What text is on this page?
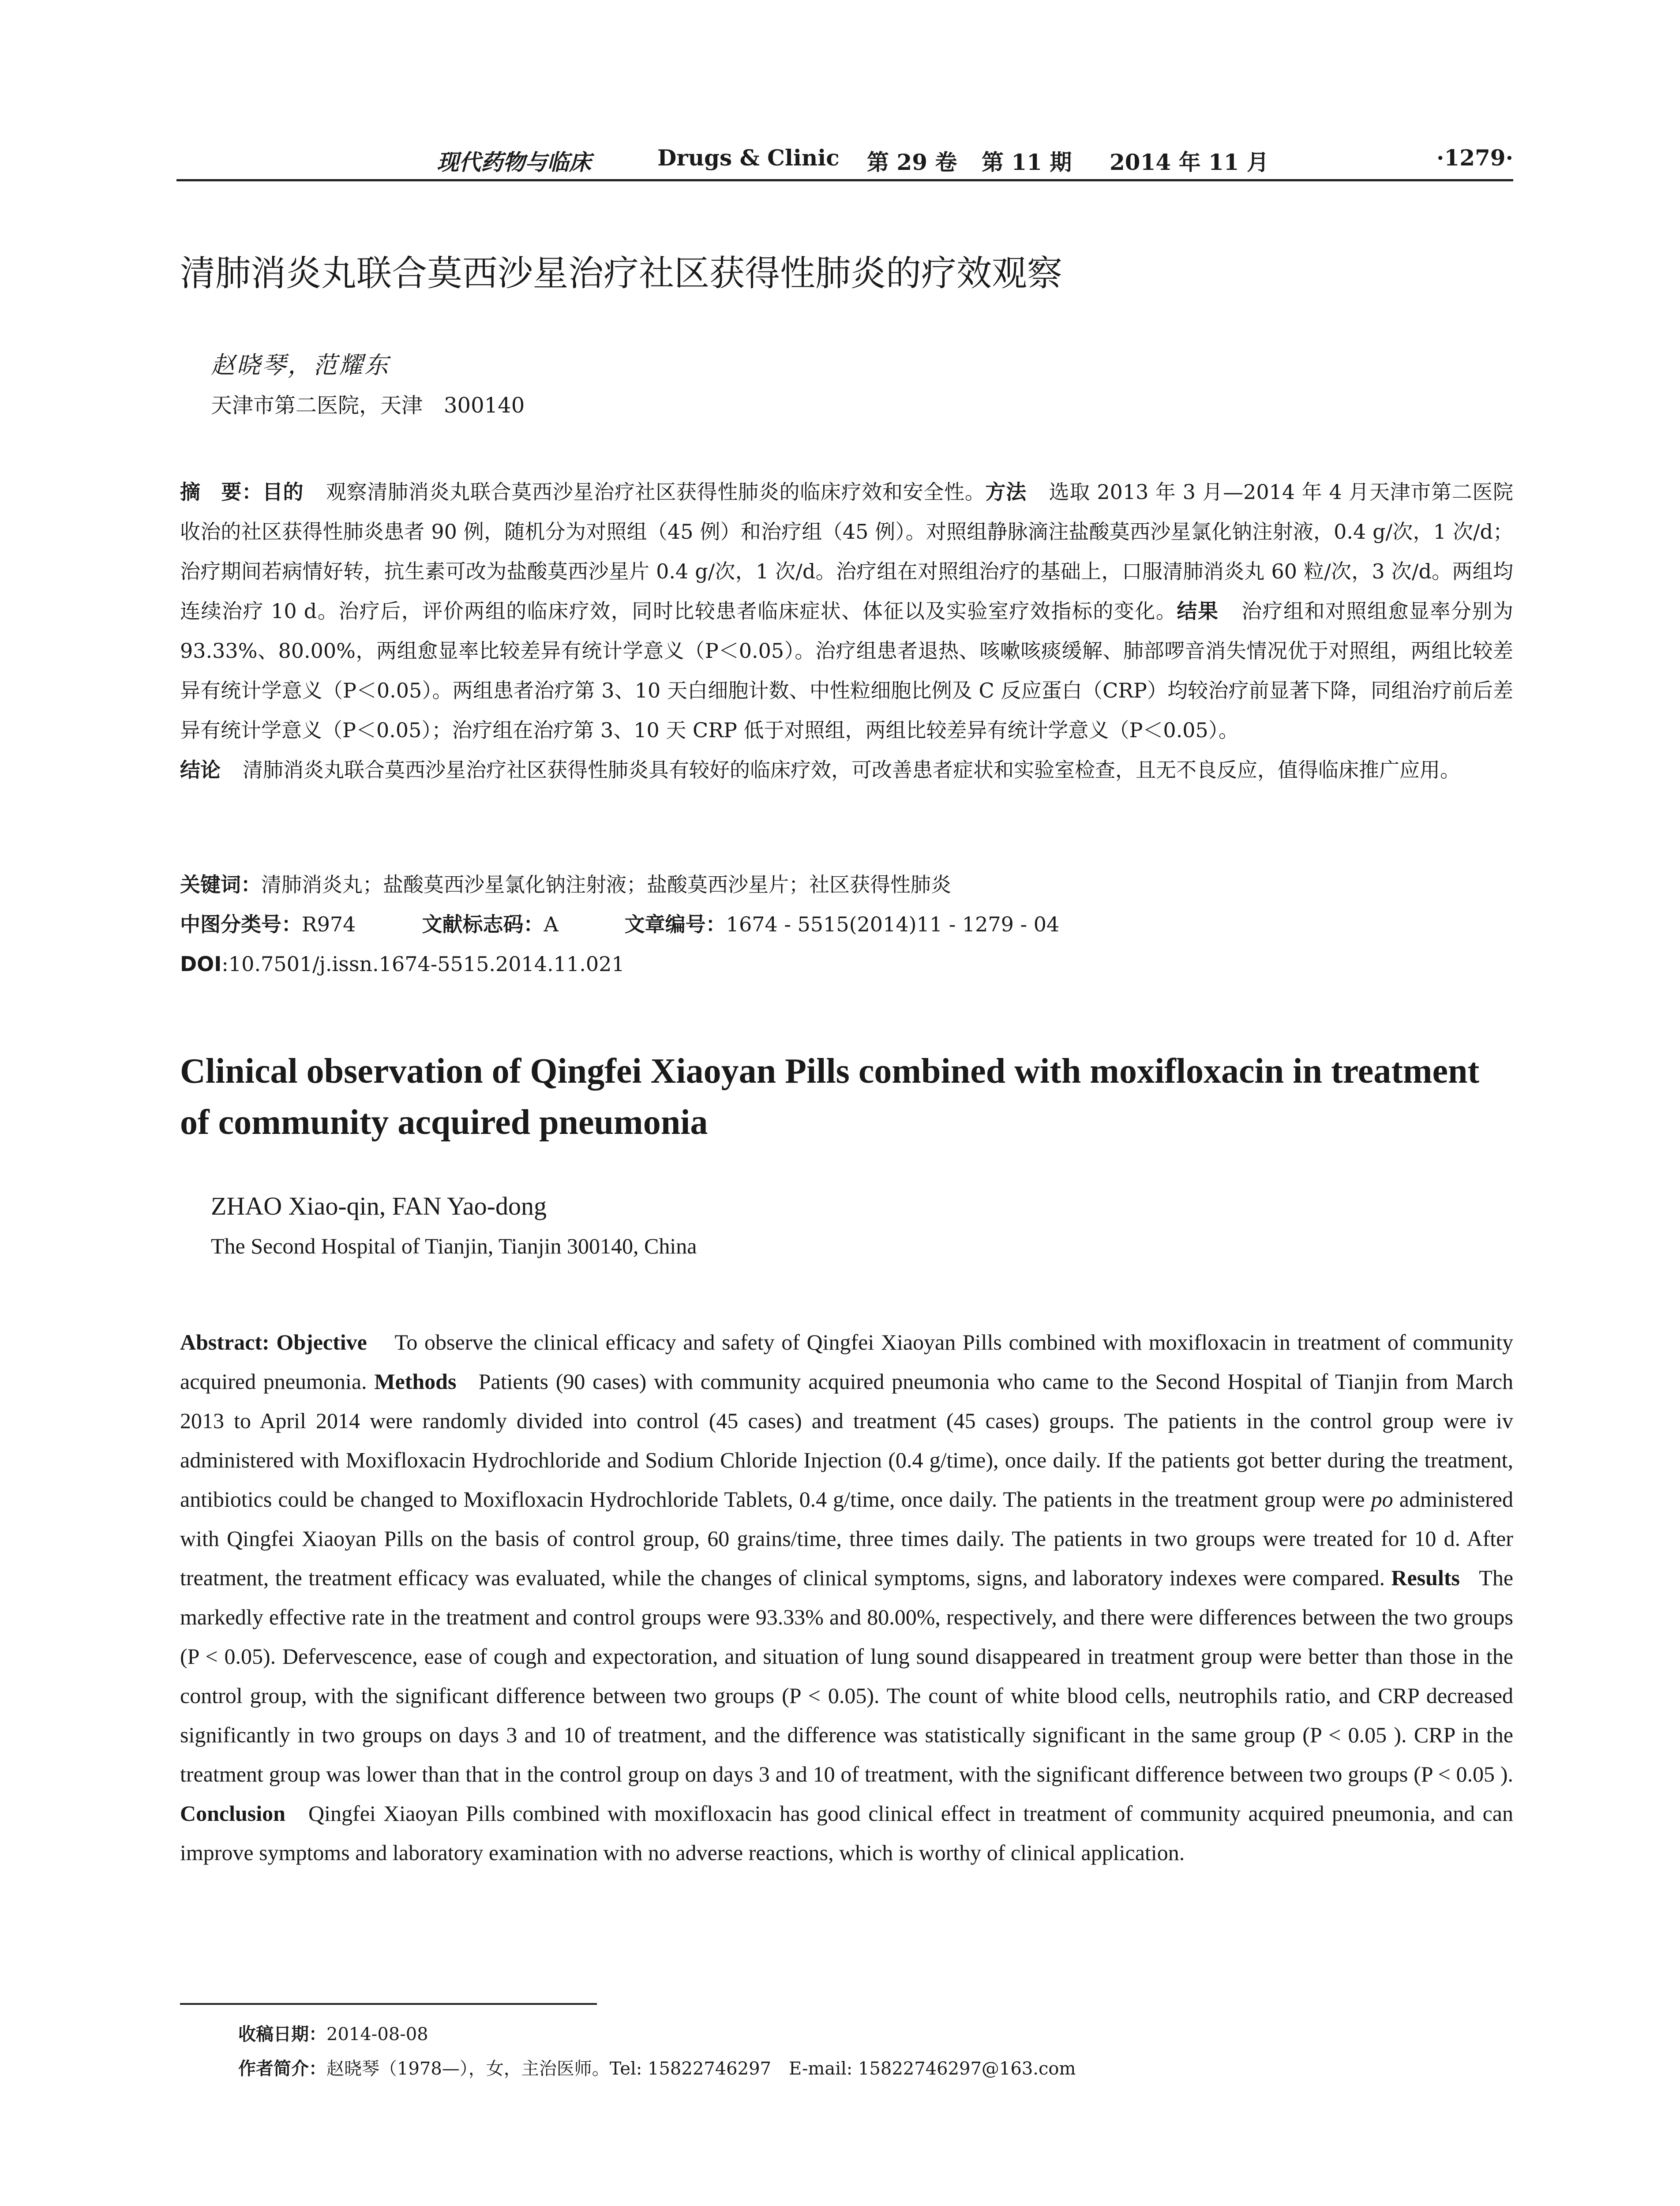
现代药物与临床	Drugs & Clinic 第 29 卷 第 11 期 2014 年 11 月	·1279·
清肺消炎丸联合莫西沙星治疗社区获得性肺炎的疗效观察
赵晓琴，范耀东
天津市第二医院，天津　300140

摘　要：目的 观察清肺消炎丸联合莫西沙星治疗社区获得性肺炎的临床疗效和安全性。方法 选取 2013 年 3 月—2014 年 4 月天津市第二医院收治的社区获得性肺炎患者 90 例，随机分为对照组（45 例）和治疗组（45 例）。对照组静脉滴注盐酸莫西沙星氯化钠注射液，0.4 g/次，1 次/d；治疗期间若病情好转，抗生素可改为盐酸莫西沙星片 0.4 g/次，1 次/d。治疗组在对照组治疗的基础上，口服清肺消炎丸 60 粒/次，3 次/d。两组均连续治疗 10 d。治疗后，评价两组的临床疗效，同时比较患者临床症状、体征以及实验室疗效指标的变化。结果 治疗组和对照组愈显率分别为 93.33%、80.00%，两组愈显率比较差异有统计学意义（P＜0.05）。治疗组患者退热、咳嗽咳痰缓解、肺部啰音消失情况优于对照组，两组比较差异有统计学意义（P＜0.05）。两组患者治疗第 3、10 天白细胞计数、中性粒细胞比例及 C 反应蛋白（CRP）均较治疗前显著下降，同组治疗前后差异有统计学意义（P＜0.05）；治疗组在治疗第 3、10 天 CRP 低于对照组，两组比较差异有统计学意义（P＜0.05）。
结论 清肺消炎丸联合莫西沙星治疗社区获得性肺炎具有较好的临床疗效，可改善患者症状和实验室检查，且无不良反应，值得临床推广应用。

关键词：清肺消炎丸；盐酸莫西沙星氯化钠注射液；盐酸莫西沙星片；社区获得性肺炎
中图分类号：R974	文献标志码：A	文章编号：1674 - 5515(2014)11 - 1279 - 04
DOI:10.7501/j.issn.1674-5515.2014.11.021
Clinical observation of Qingfei Xiaoyan Pills combined with moxifloxacin in treatment of community acquired pneumonia
ZHAO Xiao-qin, FAN Yao-dong
The Second Hospital of Tianjin, Tianjin 300140, China

Abstract: Objective To observe the clinical efficacy and safety of Qingfei Xiaoyan Pills combined with moxifloxacin in treatment of community acquired pneumonia. Methods Patients (90 cases) with community acquired pneumonia who came to the Second Hospital of Tianjin from March 2013 to April 2014 were randomly divided into control (45 cases) and treatment (45 cases) groups. The patients in the control group were iv administered with Moxifloxacin Hydrochloride and Sodium Chloride Injection (0.4 g/time), once daily. If the patients got better during the treatment, antibiotics could be changed to Moxifloxacin Hydrochloride Tablets, 0.4 g/time, once daily. The patients in the treatment group were po administered with Qingfei Xiaoyan Pills on the basis of control group, 60 grains/time, three times daily. The patients in two groups were treated for 10 d. After treatment, the treatment efficacy was evaluated, while the changes of clinical symptoms, signs, and laboratory indexes were compared. Results The markedly effective rate in the treatment and control groups were 93.33% and 80.00%, respectively, and there were differences between the two groups (P < 0.05). Defervescence, ease of cough and expectoration, and situation of lung sound disappeared in treatment group were better than those in the control group, with the significant difference between two groups (P < 0.05). The count of white blood cells, neutrophils ratio, and CRP decreased significantly in two groups on days 3 and 10 of treatment, and the difference was statistically significant in the same group (P < 0.05 ). CRP in the treatment group was lower than that in the control group on days 3 and 10 of treatment, with the significant difference between two groups (P < 0.05 ). Conclusion Qingfei Xiaoyan Pills combined with moxifloxacin has good clinical effect in treatment of community acquired pneumonia, and can improve symptoms and laboratory examination with no adverse reactions, which is worthy of clinical application.

收稿日期：2014-08-08
作者简介：赵晓琴（1978—），女，主治医师。Tel: 15822746297　E-mail: 15822746297@163.com
